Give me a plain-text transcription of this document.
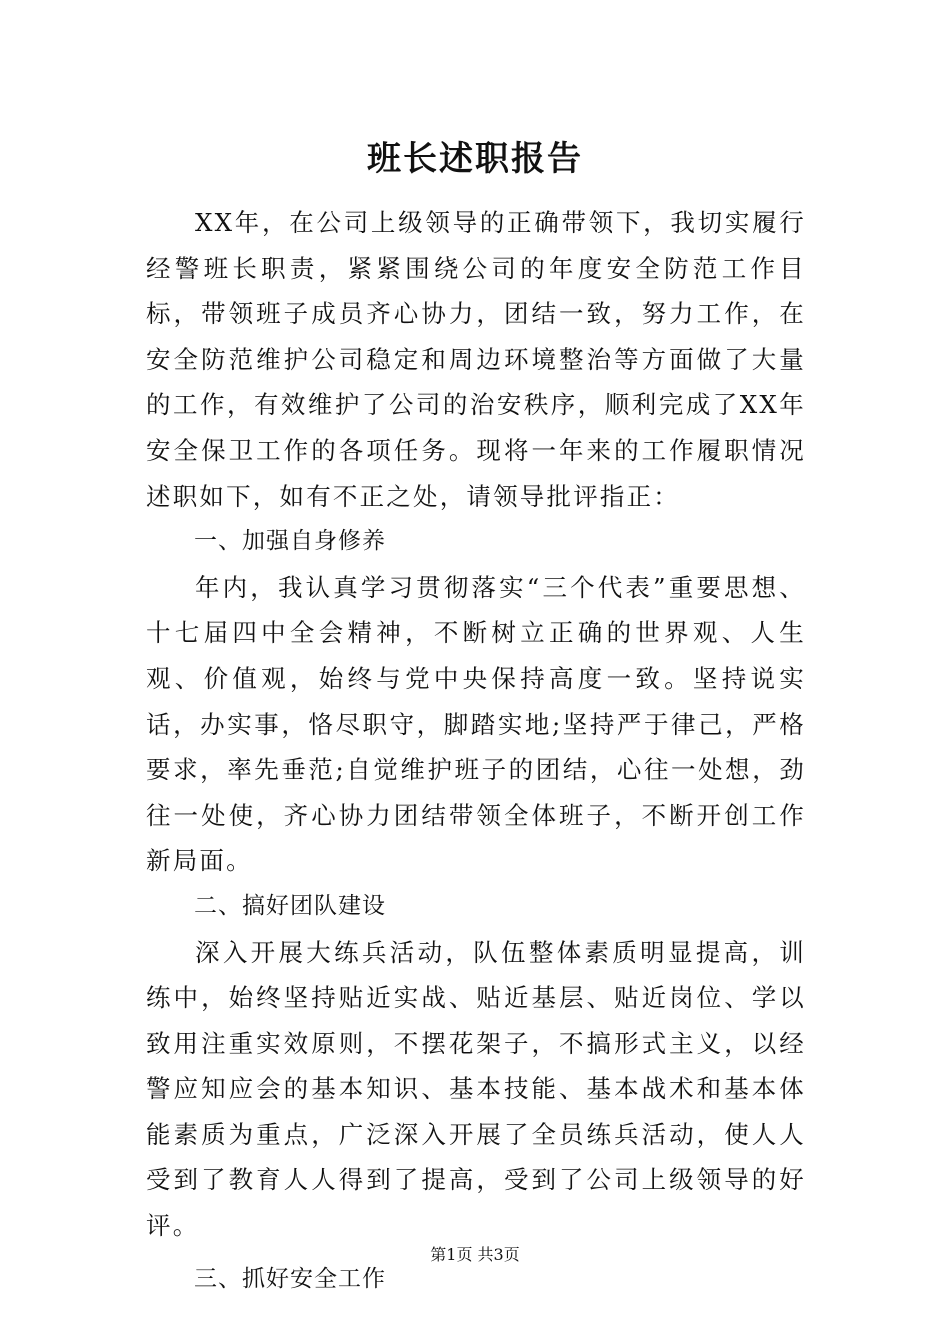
班长述职报告

XX年，在公司上级领导的正确带领下，我切实履行经警班长职责，紧紧围绕公司的年度安全防范工作目标，带领班子成员齐心协力，团结一致，努力工作，在安全防范维护公司稳定和周边环境整治等方面做了大量的工作，有效维护了公司的治安秩序，顺利完成了XX年安全保卫工作的各项任务。现将一年来的工作履职情况述职如下，如有不正之处，请领导批评指正：

一、加强自身修养

年内，我认真学习贯彻落实“三个代表”重要思想、十七届四中全会精神，不断树立正确的世界观、人生观、价值观，始终与党中央保持高度一致。坚持说实话，办实事，恪尽职守，脚踏实地;坚持严于律己，严格要求，率先垂范;自觉维护班子的团结，心往一处想，劲往一处使，齐心协力团结带领全体班子，不断开创工作新局面。

二、搞好团队建设

深入开展大练兵活动，队伍整体素质明显提高，训练中，始终坚持贴近实战、贴近基层、贴近岗位、学以致用注重实效原则，不摆花架子，不搞形式主义，以经警应知应会的基本知识、基本技能、基本战术和基本体能素质为重点，广泛深入开展了全员练兵活动，使人人受到了教育人人得到了提高，受到了公司上级领导的好评。

三、抓好安全工作

第1页 共3页
